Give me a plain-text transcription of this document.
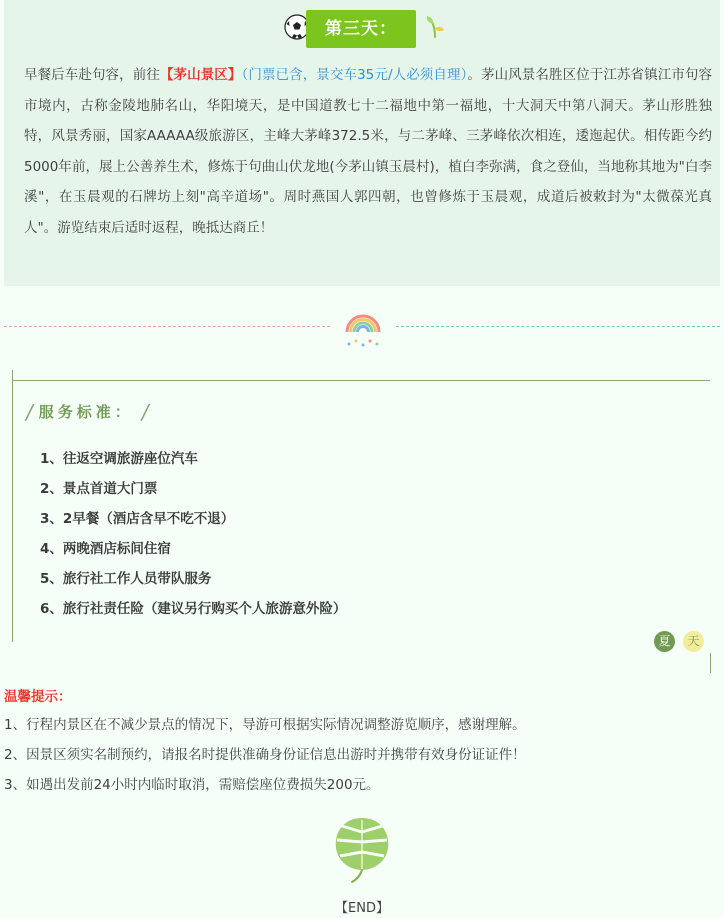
第三天：

早餐后车赴句容，前往【茅山景区】（门票已含，景交车35元/人必须自理）。茅山风景名胜区位于江苏省镇江市句容市境内，古称金陵地肺名山，华阳境天，是中国道教七十二福地中第一福地，十大洞天中第八洞天。茅山形胜独特，风景秀丽，国家AAAAA级旅游区，主峰大茅峰372.5米，与二茅峰、三茅峰依次相连，逶迤起伏。相传距今约5000年前，展上公善养生术，修炼于句曲山伏龙地(今茅山镇玉晨村)，植白李弥满，食之登仙，当地称其地为"白李溪"，在玉晨观的石牌坊上刻"高辛道场"。周时燕国人郭四朝，也曾修炼于玉晨观，成道后被敕封为"太微葆光真人"。游览结束后适时返程，晚抵达商丘！

/ 服务标准： /
1、往返空调旅游座位汽车
2、景点首道大门票
3、2早餐（酒店含早不吃不退）
4、两晚酒店标间住宿
5、旅行社工作人员带队服务
6、旅行社责任险（建议另行购买个人旅游意外险）
夏	天

温馨提示：

1、行程内景区在不减少景点的情况下，导游可根据实际情况调整游览顺序，感谢理解。

2、因景区须实名制预约，请报名时提供准确身份证信息出游时并携带有效身份证证件！

3、如遇出发前24小时内临时取消，需赔偿座位费损失200元。

【END】
